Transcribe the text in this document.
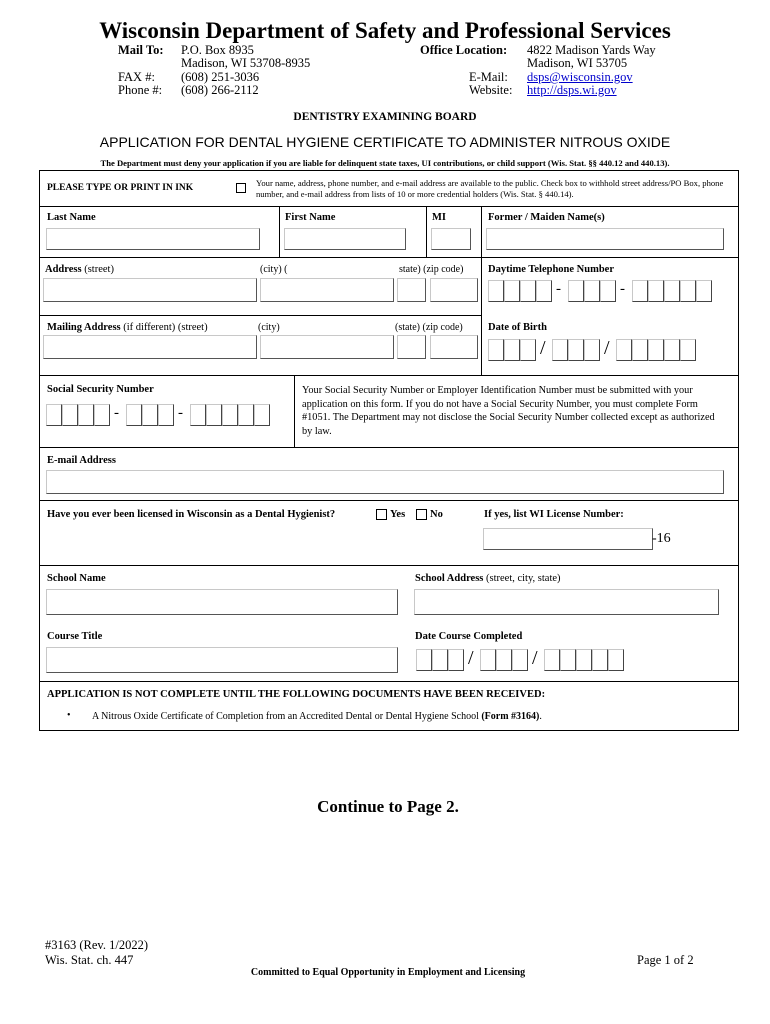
Wisconsin Department of Safety and Professional Services
Mail To: P.O. Box 8935
Madison, WI 53708-8935
FAX #: (608) 251-3036
Phone #: (608) 266-2112
Office Location: 4822 Madison Yards Way
Madison, WI 53705
E-Mail: dsps@wisconsin.gov
Website: http://dsps.wi.gov
DENTISTRY EXAMINING BOARD
APPLICATION FOR DENTAL HYGIENE CERTIFICATE TO ADMINISTER NITROUS OXIDE
The Department must deny your application if you are liable for delinquent state taxes, UI contributions, or child support (Wis. Stat. §§ 440.12 and 440.13).
PLEASE TYPE OR PRINT IN INK	Your name, address, phone number, and e-mail address are available to the public. Check box to withhold street address/PO Box, phone number, and e-mail address from lists of 10 or more credential holders (Wis. Stat. § 440.14).
Last Name	First Name	MI	Former / Maiden Name(s)
Address (street)	(city) (	state) (zip code) Daytime Telephone Number
-	-
Mailing Address (if different) (street)	(city)	(state) (zip code) Date of Birth
/	/
Social Security Number
-	-
Your Social Security Number or Employer Identification Number must be submitted with your application on this form. If you do not have a Social Security Number, you must complete Form #1051. The Department may not disclose the Social Security Number collected except as authorized by law.
E-mail Address
Have you ever been licensed in Wisconsin as a Dental Hygienist?	Yes No	If yes, list WI License Number:
-16
School Name	School Address (street, city, state)
Course Title	Date Course Completed
/	/
APPLICATION IS NOT COMPLETE UNTIL THE FOLLOWING DOCUMENTS HAVE BEEN RECEIVED:
• A Nitrous Oxide Certificate of Completion from an Accredited Dental or Dental Hygiene School (Form #3164).
Continue to Page 2.
#3163 (Rev. 1/2022)
Wis. Stat. ch. 447	Page 1 of 2
Committed to Equal Opportunity in Employment and Licensing
